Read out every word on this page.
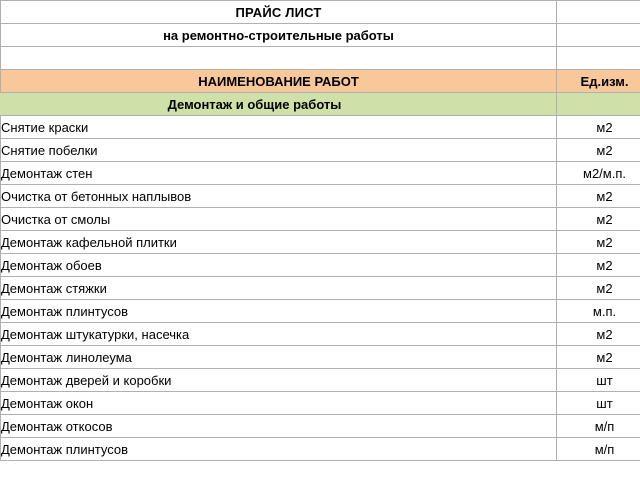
	ПРАЙС ЛИСТ	
	на ремонтно-строительные работы	

	НАИМЕНОВАНИЕ РАБОТ	Ед.изм.
Демонтаж и общие работы		
	Снятие краски	м2
	Снятие побелки	м2
	Демонтаж стен	м2/м.п.
	Очистка от бетонных наплывов	м2
	Очистка от смолы	м2
	Демонтаж кафельной плитки	м2
	Демонтаж обоев	м2
	Демонтаж стяжки	м2
	Демонтаж плинтусов	м.п.
	Демонтаж штукатурки, насечка	м2
	Демонтаж линолеума	м2
	Демонтаж дверей и коробки	шт
	Демонтаж окон	шт
	Демонтаж откосов	м/п
	Демонтаж плинтусов	м/п
